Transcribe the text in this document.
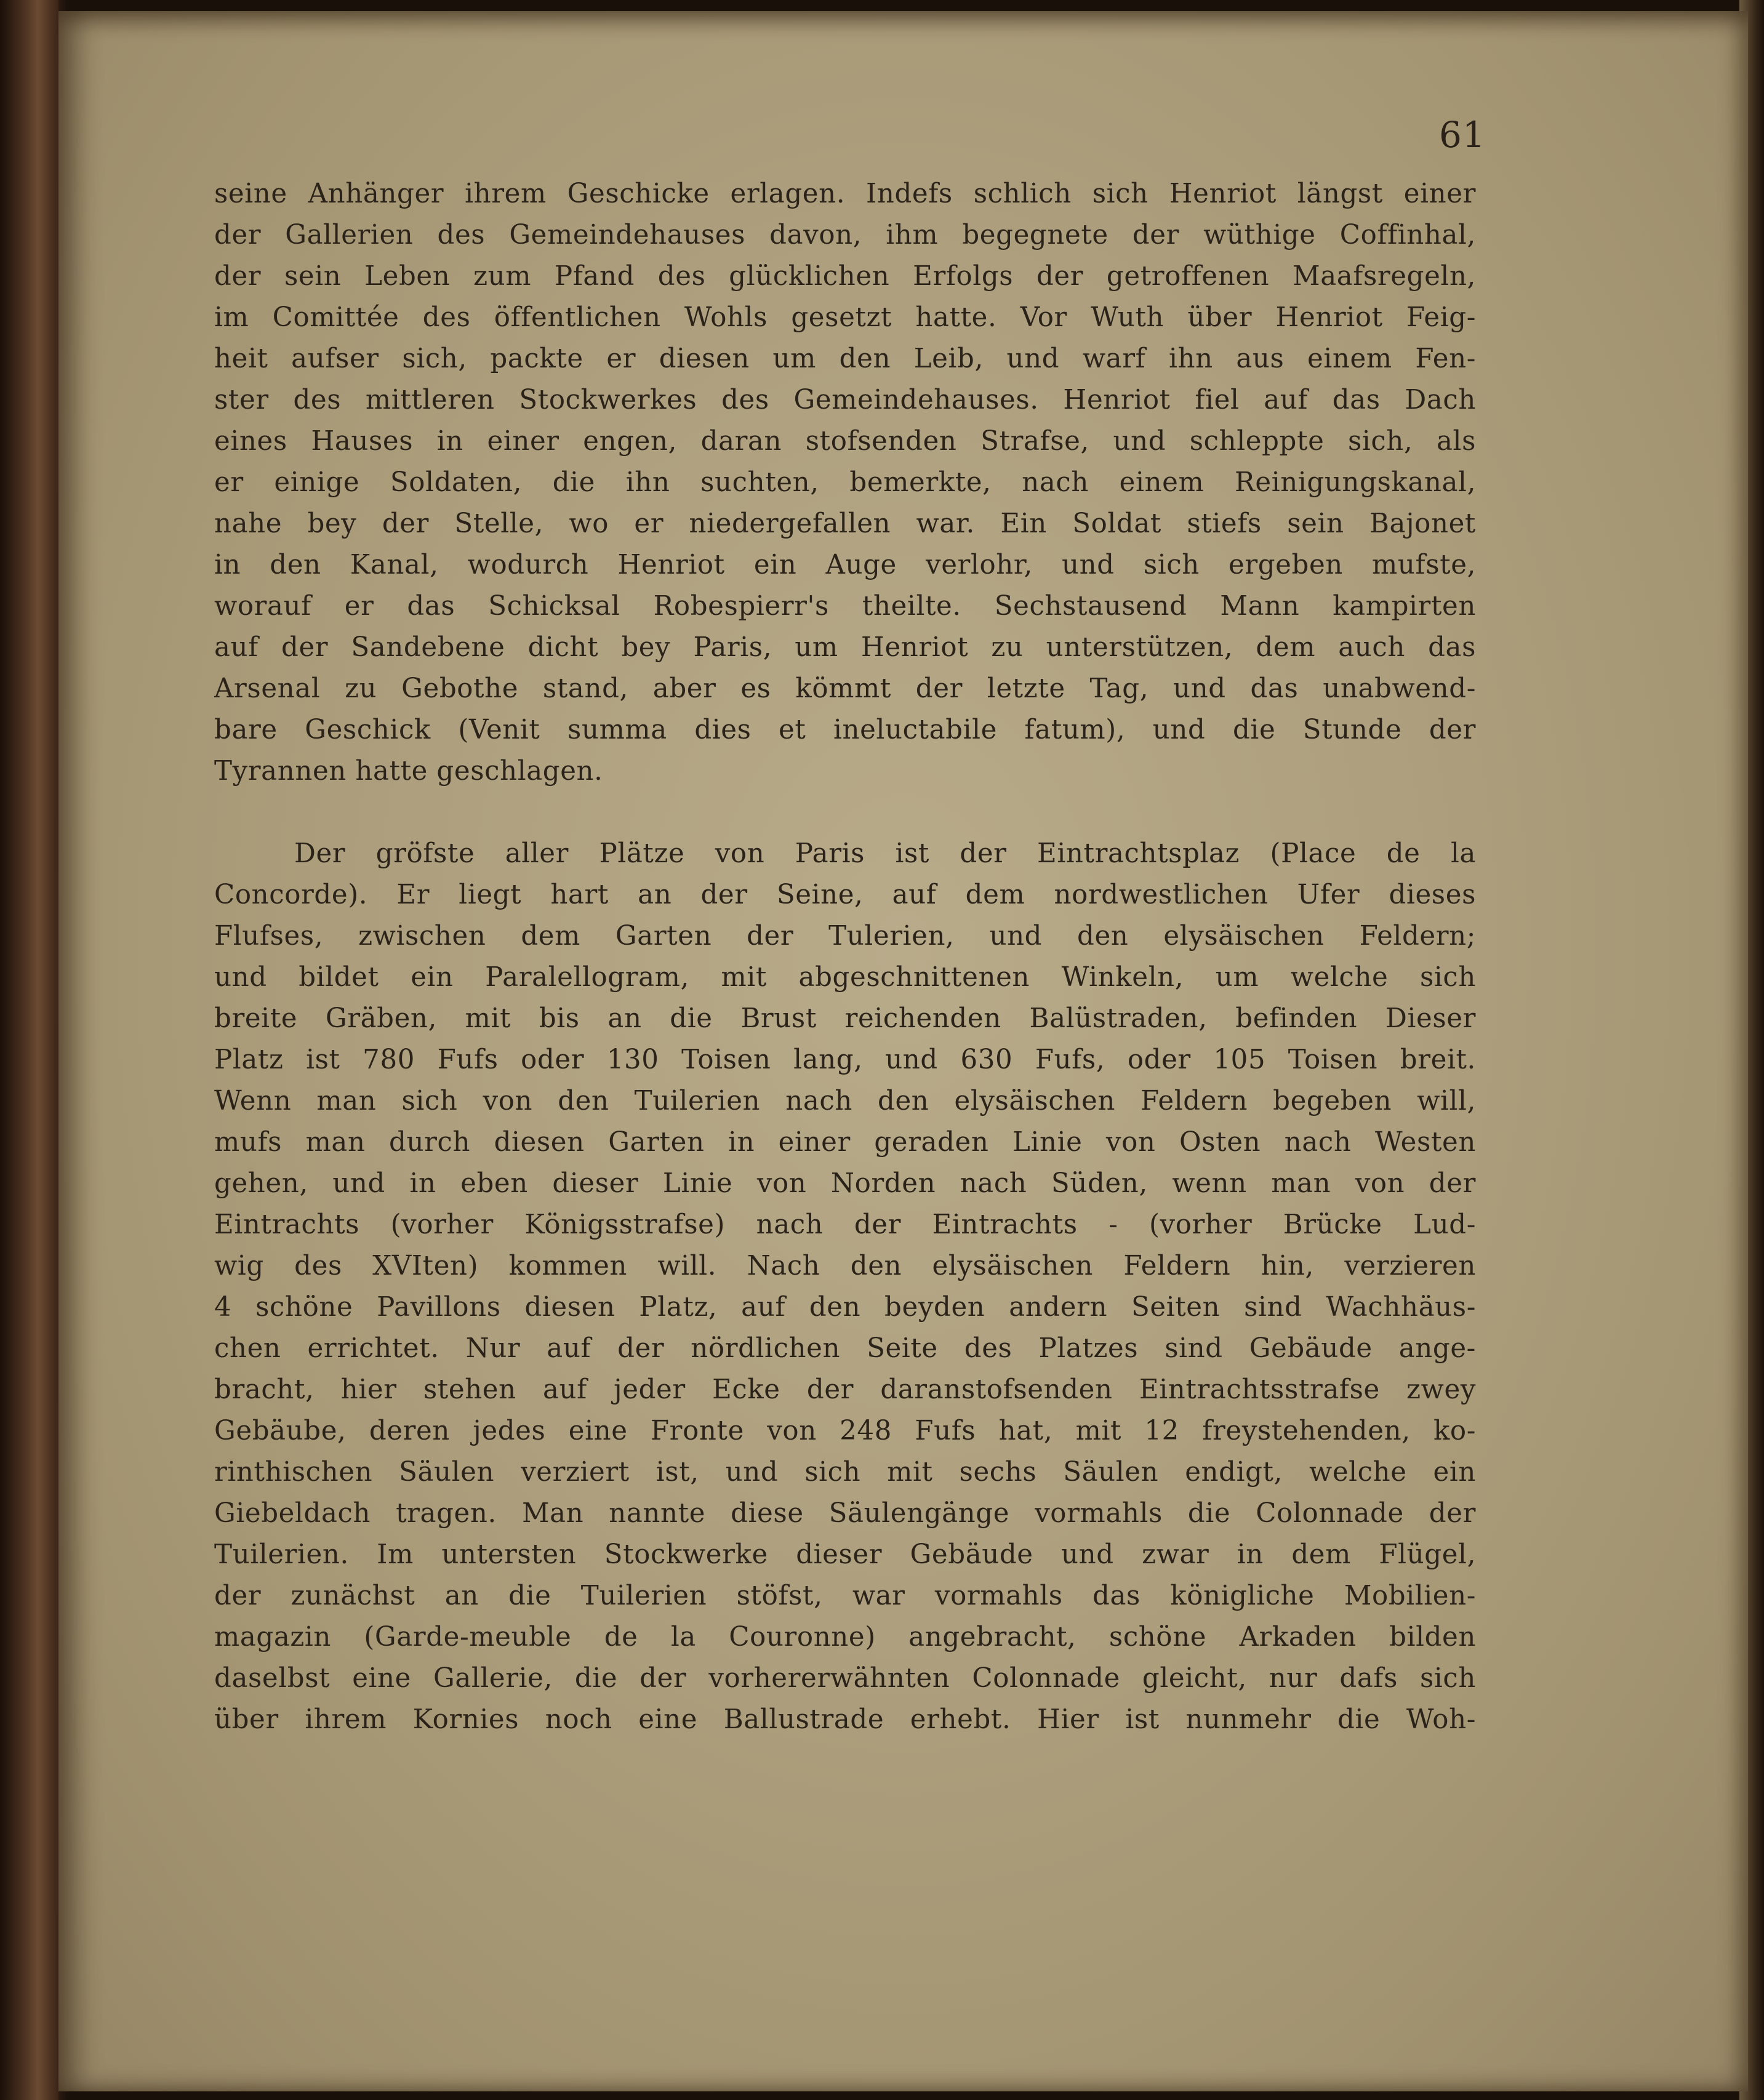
61
seine Anhänger ihrem Geschicke erlagen. Indefs schlich sich Henriot längst einer
der Gallerien des Gemeindehauses davon, ihm begegnete der wüthige Coffinhal,
der sein Leben zum Pfand des glücklichen Erfolgs der getroffenen Maafsregeln,
im Comittée des öffentlichen Wohls gesetzt hatte. Vor Wuth über Henriot Feig-
heit aufser sich, packte er diesen um den Leib, und warf ihn aus einem Fen-
ster des mittleren Stockwerkes des Gemeindehauses. Henriot fiel auf das Dach
eines Hauses in einer engen, daran stofsenden Strafse, und schleppte sich, als
er einige Soldaten, die ihn suchten, bemerkte, nach einem Reinigungskanal,
nahe bey der Stelle, wo er niedergefallen war. Ein Soldat stiefs sein Bajonet
in den Kanal, wodurch Henriot ein Auge verlohr, und sich ergeben mufste,
worauf er das Schicksal Robespierr's theilte. Sechstausend Mann kampirten
auf der Sandebene dicht bey Paris, um Henriot zu unterstützen, dem auch das
Arsenal zu Gebothe stand, aber es kömmt der letzte Tag, und das unabwend-
bare Geschick (Venit summa dies et ineluctabile fatum), und die Stunde der
Tyrannen hatte geschlagen.
Der gröfste aller Plätze von Paris ist der Eintrachtsplaz (Place de la
Concorde). Er liegt hart an der Seine, auf dem nordwestlichen Ufer dieses
Flufses, zwischen dem Garten der Tulerien, und den elysäischen Feldern;
und bildet ein Paralellogram, mit abgeschnittenen Winkeln, um welche sich
breite Gräben, mit bis an die Brust reichenden Balüstraden, befinden Dieser
Platz ist 780 Fufs oder 130 Toisen lang, und 630 Fufs, oder 105 Toisen breit.
Wenn man sich von den Tuilerien nach den elysäischen Feldern begeben will,
mufs man durch diesen Garten in einer geraden Linie von Osten nach Westen
gehen, und in eben dieser Linie von Norden nach Süden, wenn man von der
Eintrachts (vorher Königsstrafse) nach der Eintrachts - (vorher Brücke Lud-
wig des XVIten) kommen will. Nach den elysäischen Feldern hin, verzieren
4 schöne Pavillons diesen Platz, auf den beyden andern Seiten sind Wachhäus-
chen errichtet. Nur auf der nördlichen Seite des Platzes sind Gebäude ange-
bracht, hier stehen auf jeder Ecke der daranstofsenden Eintrachtsstrafse zwey
Gebäube, deren jedes eine Fronte von 248 Fufs hat, mit 12 freystehenden, ko-
rinthischen Säulen verziert ist, und sich mit sechs Säulen endigt, welche ein
Giebeldach tragen. Man nannte diese Säulengänge vormahls die Colonnade der
Tuilerien. Im untersten Stockwerke dieser Gebäude und zwar in dem Flügel,
der zunächst an die Tuilerien stöfst, war vormahls das königliche Mobilien-
magazin (Garde-meuble de la Couronne) angebracht, schöne Arkaden bilden
daselbst eine Gallerie, die der vorhererwähnten Colonnade gleicht, nur dafs sich
über ihrem Kornies noch eine Ballustrade erhebt. Hier ist nunmehr die Woh-
